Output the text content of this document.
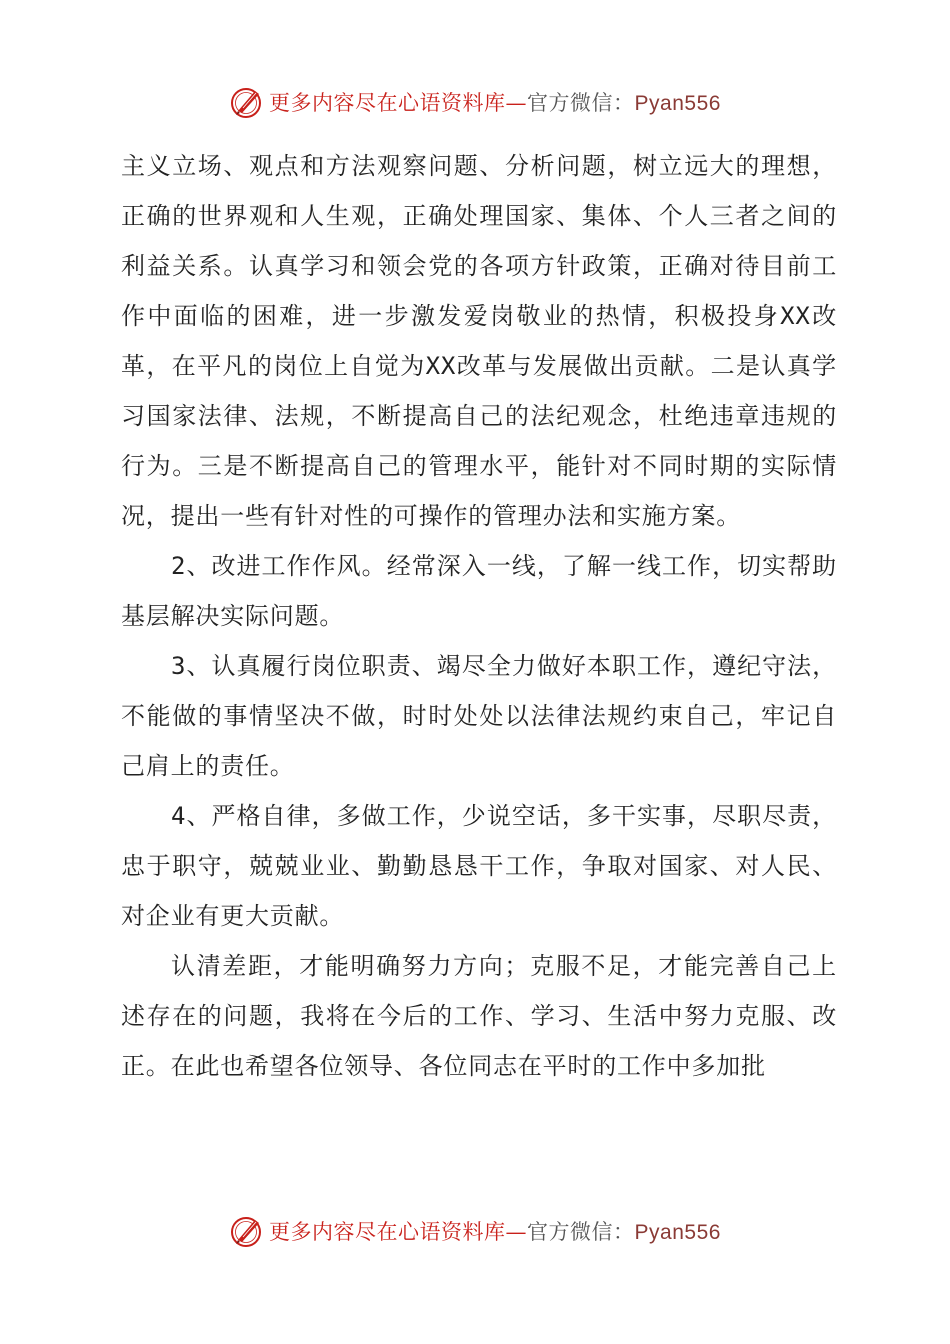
更多内容尽在心语资料库—官方微信：Pyan556

主义立场、观点和方法观察问题、分析问题，树立远大的理想，正确的世界观和人生观，正确处理国家、集体、个人三者之间的利益关系。认真学习和领会党的各项方针政策，正确对待目前工作中面临的困难，进一步激发爱岗敬业的热情，积极投身XX改革，在平凡的岗位上自觉为XX改革与发展做出贡献。二是认真学习国家法律、法规，不断提高自己的法纪观念，杜绝违章违规的行为。三是不断提高自己的管理水平，能针对不同时期的实际情况，提出一些有针对性的可操作的管理办法和实施方案。

2、改进工作作风。经常深入一线，了解一线工作，切实帮助基层解决实际问题。

3、认真履行岗位职责、竭尽全力做好本职工作，遵纪守法，不能做的事情坚决不做，时时处处以法律法规约束自己，牢记自己肩上的责任。

4、严格自律，多做工作，少说空话，多干实事，尽职尽责，忠于职守，兢兢业业、勤勤恳恳干工作，争取对国家、对人民、对企业有更大贡献。

认清差距，才能明确努力方向；克服不足，才能完善自己上述存在的问题，我将在今后的工作、学习、生活中努力克服、改正。在此也希望各位领导、各位同志在平时的工作中多加批

更多内容尽在心语资料库—官方微信：Pyan556
